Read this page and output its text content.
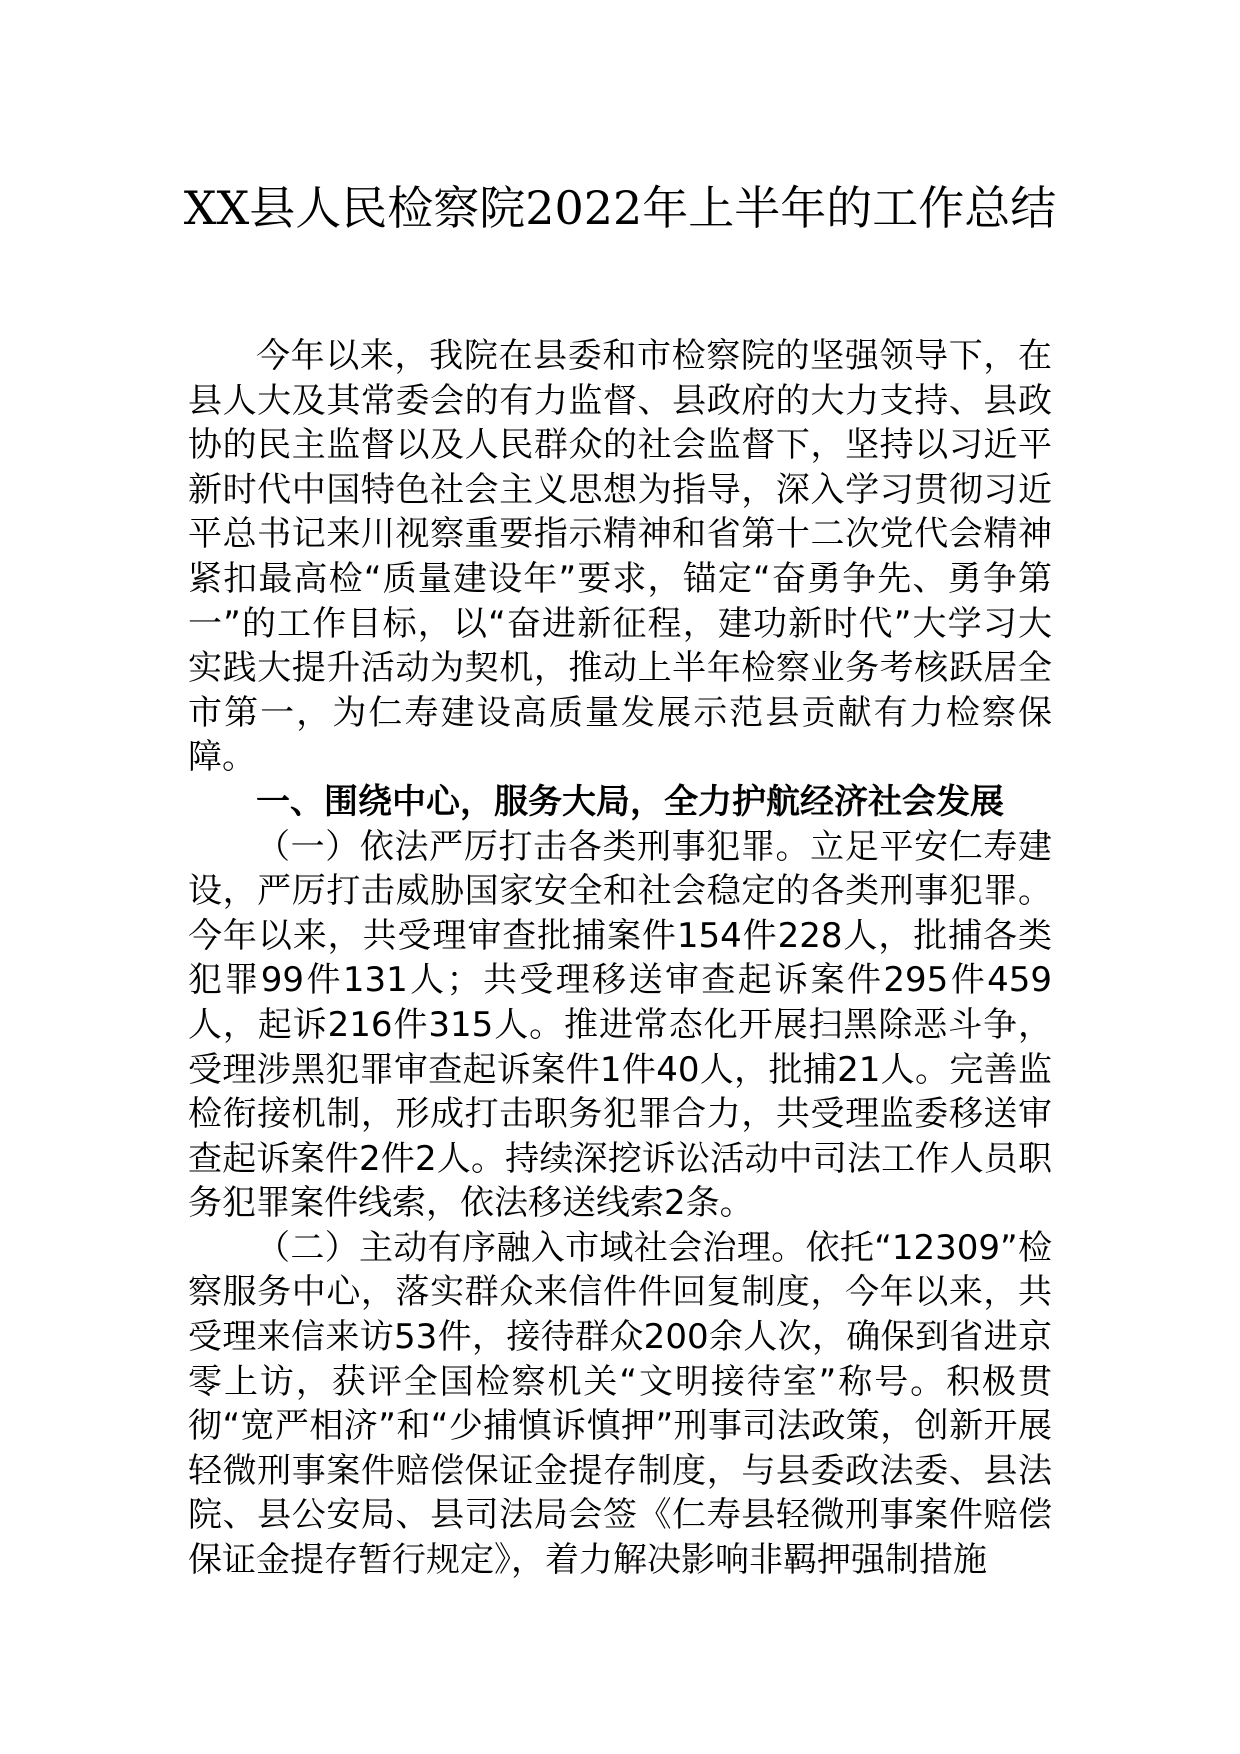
XX县人民检察院2022年上半年的工作总结

今年以来，我院在县委和市检察院的坚强领导下，在县人大及其常委会的有力监督、县政府的大力支持、县政协的民主监督以及人民群众的社会监督下，坚持以习近平新时代中国特色社会主义思想为指导，深入学习贯彻习近平总书记来川视察重要指示精神和省第十二次党代会精神紧扣最高检“质量建设年”要求，锚定“奋勇争先、勇争第一”的工作目标，以“奋进新征程，建功新时代”大学习大实践大提升活动为契机，推动上半年检察业务考核跃居全市第一，为仁寿建设高质量发展示范县贡献有力检察保障。

一、围绕中心，服务大局，全力护航经济社会发展

（一）依法严厉打击各类刑事犯罪。立足平安仁寿建设，严厉打击威胁国家安全和社会稳定的各类刑事犯罪。今年以来，共受理审查批捕案件154件228人，批捕各类犯罪99件131人；共受理移送审查起诉案件295件459人，起诉216件315人。推进常态化开展扫黑除恶斗争，受理涉黑犯罪审查起诉案件1件40人，批捕21人。完善监检衔接机制，形成打击职务犯罪合力，共受理监委移送审查起诉案件2件2人。持续深挖诉讼活动中司法工作人员职务犯罪案件线索，依法移送线索2条。

（二）主动有序融入市域社会治理。依托“12309”检察服务中心，落实群众来信件件回复制度，今年以来，共受理来信来访53件，接待群众200余人次，确保到省进京零上访，获评全国检察机关“文明接待室”称号。积极贯彻“宽严相济”和“少捕慎诉慎押”刑事司法政策，创新开展轻微刑事案件赔偿保证金提存制度，与县委政法委、县法院、县公安局、县司法局会签《仁寿县轻微刑事案件赔偿保证金提存暂行规定》，着力解决影响非羁押强制措施
